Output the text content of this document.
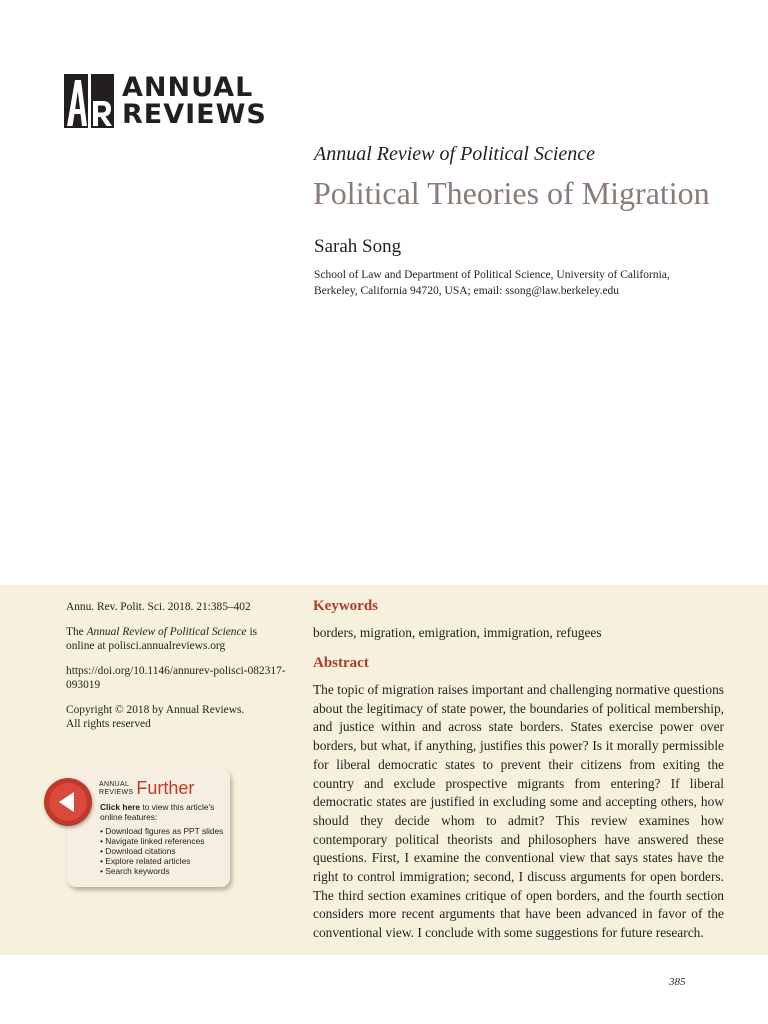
ANNUAL
REVIEWS
Annual Review of Political Science
Political Theories of Migration
Sarah Song
School of Law and Department of Political Science, University of California, Berkeley, California 94720, USA; email: ssong@law.berkeley.edu

Annu. Rev. Polit. Sci. 2018. 21:385–402

The Annual Review of Political Science is online at polisci.annualreviews.org

https://doi.org/10.1146/annurev-polisci-082317-093019

Copyright © 2018 by Annual Reviews.
All rights reserved

ANNUAL
REVIEWS Further
Click here to view this article's online features:
• Download figures as PPT slides
• Navigate linked references
• Download citations
• Explore related articles
• Search keywords
Keywords
borders, migration, emigration, immigration, refugees
Abstract
The topic of migration raises important and challenging normative questions about the legitimacy of state power, the boundaries of political membership, and justice within and across state borders. States exercise power over borders, but what, if anything, justifies this power? Is it morally permissible for liberal democratic states to prevent their citizens from exiting the country and exclude prospective migrants from entering? If liberal democratic states are justified in excluding some and accepting others, how should they decide whom to admit? This review examines how contemporary political theorists and philosophers have answered these questions. First, I examine the conventional view that says states have the right to control immigration; second, I discuss arguments for open borders. The third section examines critique of open borders, and the fourth section considers more recent arguments that have been advanced in favor of the conventional view. I conclude with some suggestions for future research.
385
